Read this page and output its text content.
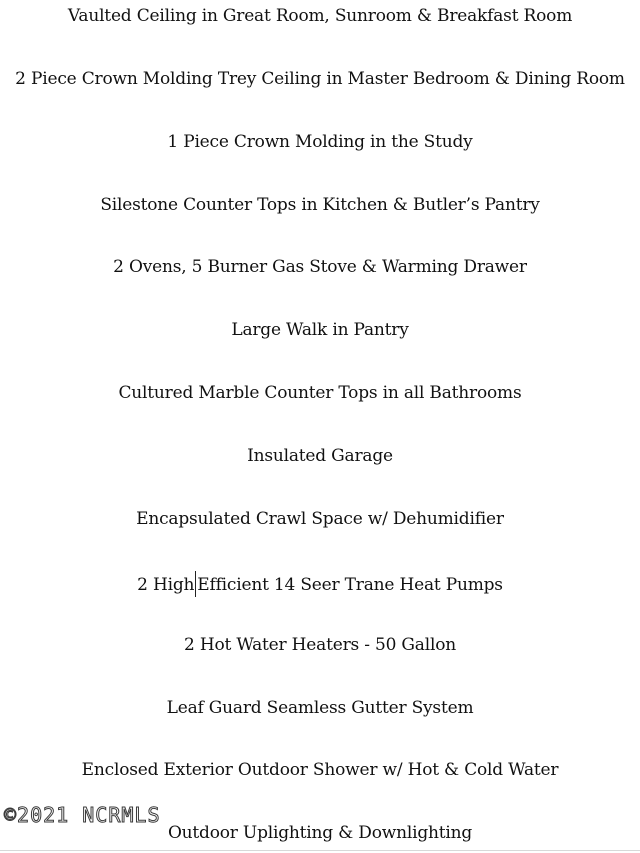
Vaulted Ceiling in Great Room, Sunroom & Breakfast Room
2 Piece Crown Molding Trey Ceiling in Master Bedroom & Dining Room
1 Piece Crown Molding in the Study
Silestone Counter Tops in Kitchen & Butler’s Pantry
2 Ovens, 5 Burner Gas Stove & Warming Drawer
Large Walk in Pantry
Cultured Marble Counter Tops in all Bathrooms
Insulated Garage
Encapsulated Crawl Space w/ Dehumidifier
2 High Efficient 14 Seer Trane Heat Pumps
2 Hot Water Heaters - 50 Gallon
Leaf Guard Seamless Gutter System
Enclosed Exterior Outdoor Shower w/ Hot & Cold Water
Outdoor Uplighting & Downlighting
©2021 NCRMLS
